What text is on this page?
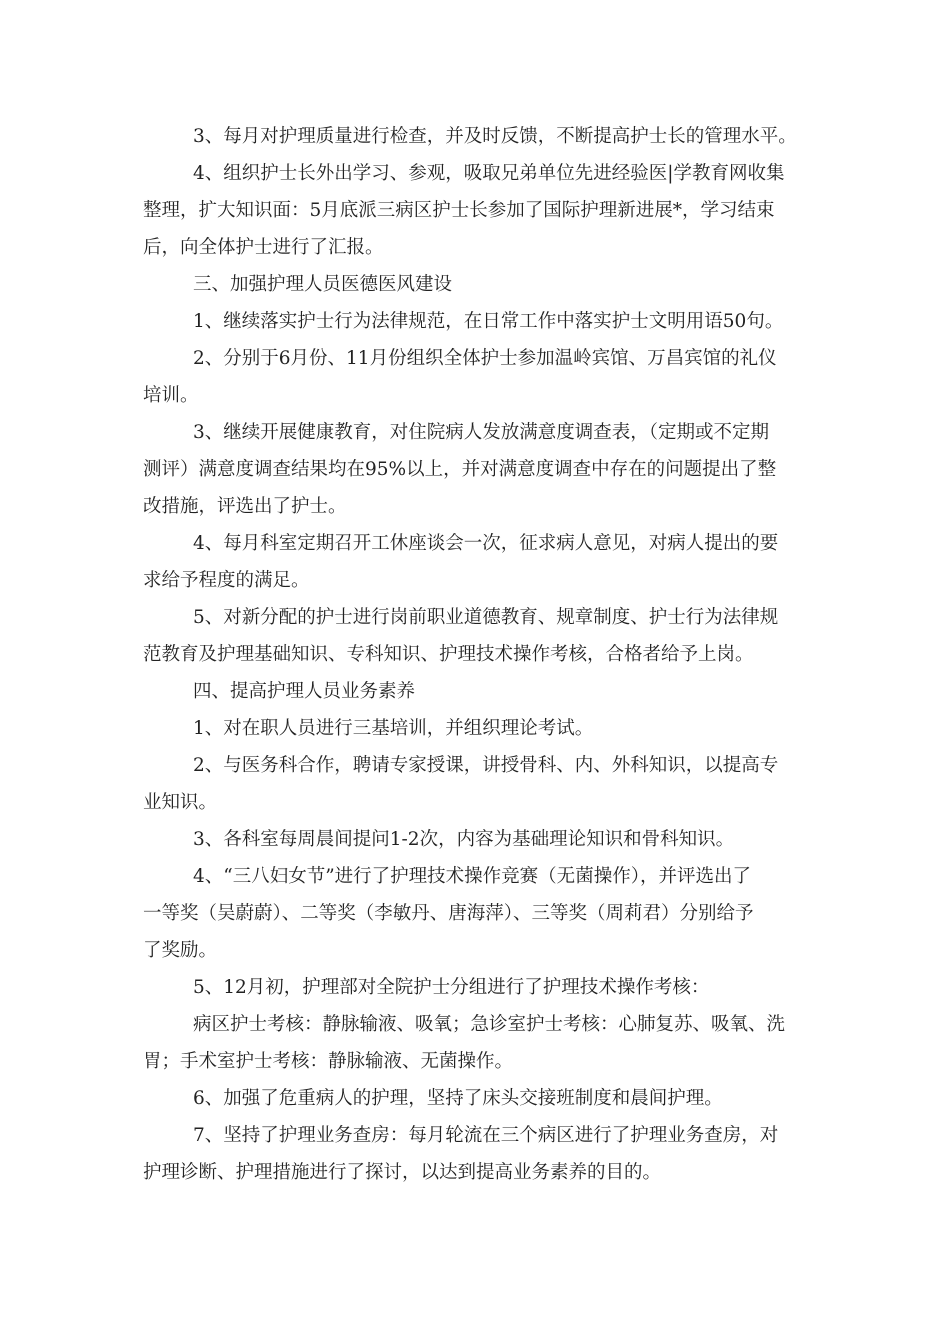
3、每月对护理质量进行检查，并及时反馈，不断提高护士长的管理水平。

4、组织护士长外出学习、参观，吸取兄弟单位先进经验医|学教育网收集
整理，扩大知识面：5月底派三病区护士长参加了国际护理新进展*，学习结束
后，向全体护士进行了汇报。

三、加强护理人员医德医风建设

1、继续落实护士行为法律规范，在日常工作中落实护士文明用语50句。

2、分别于6月份、11月份组织全体护士参加温岭宾馆、万昌宾馆的礼仪
培训。

3、继续开展健康教育，对住院病人发放满意度调查表，（定期或不定期
测评）满意度调查结果均在95%以上，并对满意度调查中存在的问题提出了整
改措施，评选出了护士。

4、每月科室定期召开工休座谈会一次，征求病人意见，对病人提出的要
求给予程度的满足。

5、对新分配的护士进行岗前职业道德教育、规章制度、护士行为法律规
范教育及护理基础知识、专科知识、护理技术操作考核，合格者给予上岗。

四、提高护理人员业务素养

1、对在职人员进行三基培训，并组织理论考试。

2、与医务科合作，聘请专家授课，讲授骨科、内、外科知识，以提高专
业知识。

3、各科室每周晨间提问1-2次，内容为基础理论知识和骨科知识。

4、“三八妇女节”进行了护理技术操作竞赛（无菌操作），并评选出了
一等奖（吴蔚蔚）、二等奖（李敏丹、唐海萍）、三等奖（周莉君）分别给予
了奖励。

5、12月初，护理部对全院护士分组进行了护理技术操作考核：

病区护士考核：静脉输液、吸氧；急诊室护士考核：心肺复苏、吸氧、洗
胃；手术室护士考核：静脉输液、无菌操作。

6、加强了危重病人的护理，坚持了床头交接班制度和晨间护理。

7、坚持了护理业务查房：每月轮流在三个病区进行了护理业务查房，对
护理诊断、护理措施进行了探讨，以达到提高业务素养的目的。
